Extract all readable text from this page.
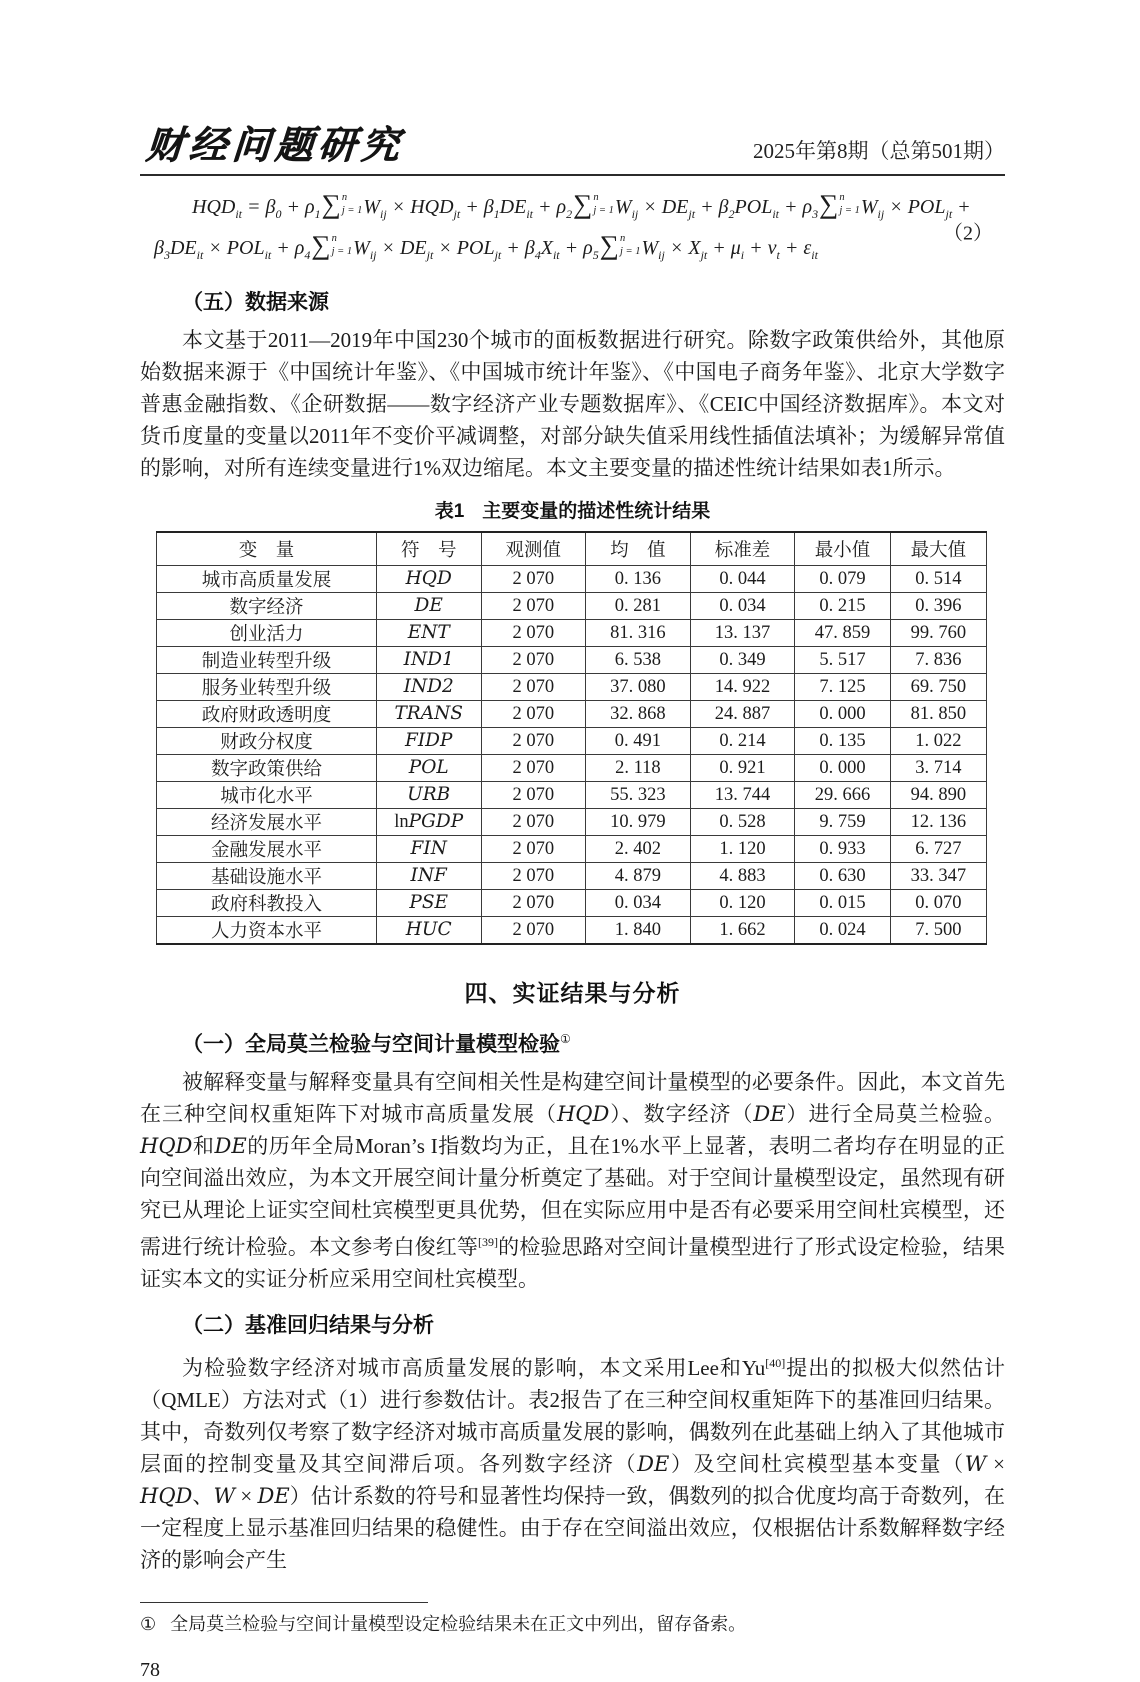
财经问题研究	2025年第8期（总第501期）
$HQD_{it} = \beta_0 + \rho_1$ ∑ n
j = 1 $W_{ij} \times HQD_{jt} + \beta_1DE_{it} + \rho_2$ ∑ n
j = 1 $W_{ij} \times DE_{jt} + \beta_2POL_{it} + \rho_3$ ∑ n
j = 1 $W_{ij} \times POL_{jt}$ +
$\beta_3DE_{it} \times POL_{it} + \rho_4$ ∑ n
j = 1 $W_{ij} \times DE_{jt} \times POL_{jt} + \beta_4X_{it} + \rho_5$ ∑ n
j = 1 $W_{ij} \times X_{jt} + \mu_i + \nu_t + \varepsilon_{it}$
（2）
（五）数据来源

本文基于2011—2019年中国230个城市的面板数据进行研究。除数字政策供给外，其他原始数据来源于《中国统计年鉴》、《中国城市统计年鉴》、《中国电子商务年鉴》、北京大学数字普惠金融指数、《企研数据——数字经济产业专题数据库》、《CEIC中国经济数据库》。本文对货币度量的变量以2011年不变价平减调整，对部分缺失值采用线性插值法填补；为缓解异常值的影响，对所有连续变量进行1%双边缩尾。本文主要变量的描述性统计结果如表1所示。

表1 主要变量的描述性统计结果
变　量	符　号	观测值	均　值	标准差	最小值	最大值
城市高质量发展	HQD	2 070	0. 136	0. 044	0. 079	0. 514
数字经济	DE	2 070	0. 281	0. 034	0. 215	0. 396
创业活力	ENT	2 070	81. 316	13. 137	47. 859	99. 760
制造业转型升级	IND1	2 070	6. 538	0. 349	5. 517	7. 836
服务业转型升级	IND2	2 070	37. 080	14. 922	7. 125	69. 750
政府财政透明度	TRANS	2 070	32. 868	24. 887	0. 000	81. 850
财政分权度	FIDP	2 070	0. 491	0. 214	0. 135	1. 022
数字政策供给	POL	2 070	2. 118	0. 921	0. 000	3. 714
城市化水平	URB	2 070	55. 323	13. 744	29. 666	94. 890
经济发展水平	lnPGDP	2 070	10. 979	0. 528	9. 759	12. 136
金融发展水平	FIN	2 070	2. 402	1. 120	0. 933	6. 727
基础设施水平	INF	2 070	4. 879	4. 883	0. 630	33. 347
政府科教投入	PSE	2 070	0. 034	0. 120	0. 015	0. 070
人力资本水平	HUC	2 070	1. 840	1. 662	0. 024	7. 500
四、实证结果与分析
（一）全局莫兰检验与空间计量模型检验①

被解释变量与解释变量具有空间相关性是构建空间计量模型的必要条件。因此，本文首先在三种空间权重矩阵下对城市高质量发展（HQD）、数字经济（DE）进行全局莫兰检验。HQD和DE的历年全局Moran’s I指数均为正，且在1%水平上显著，表明二者均存在明显的正向空间溢出效应，为本文开展空间计量分析奠定了基础。对于空间计量模型设定，虽然现有研究已从理论上证实空间杜宾模型更具优势，但在实际应用中是否有必要采用空间杜宾模型，还需进行统计检验。本文参考白俊红等[39]的检验思路对空间计量模型进行了形式设定检验，结果证实本文的实证分析应采用空间杜宾模型。

（二）基准回归结果与分析

为检验数字经济对城市高质量发展的影响，本文采用Lee和Yu[40]提出的拟极大似然估计（QMLE）方法对式（1）进行参数估计。表2报告了在三种空间权重矩阵下的基准回归结果。其中，奇数列仅考察了数字经济对城市高质量发展的影响，偶数列在此基础上纳入了其他城市层面的控制变量及其空间滞后项。各列数字经济（DE）及空间杜宾模型基本变量（W × HQD、W × DE）估计系数的符号和显著性均保持一致，偶数列的拟合优度均高于奇数列，在一定程度上显示基准回归结果的稳健性。由于存在空间溢出效应，仅根据估计系数解释数字经济的影响会产生

① 全局莫兰检验与空间计量模型设定检验结果未在正文中列出，留存备索。

78
